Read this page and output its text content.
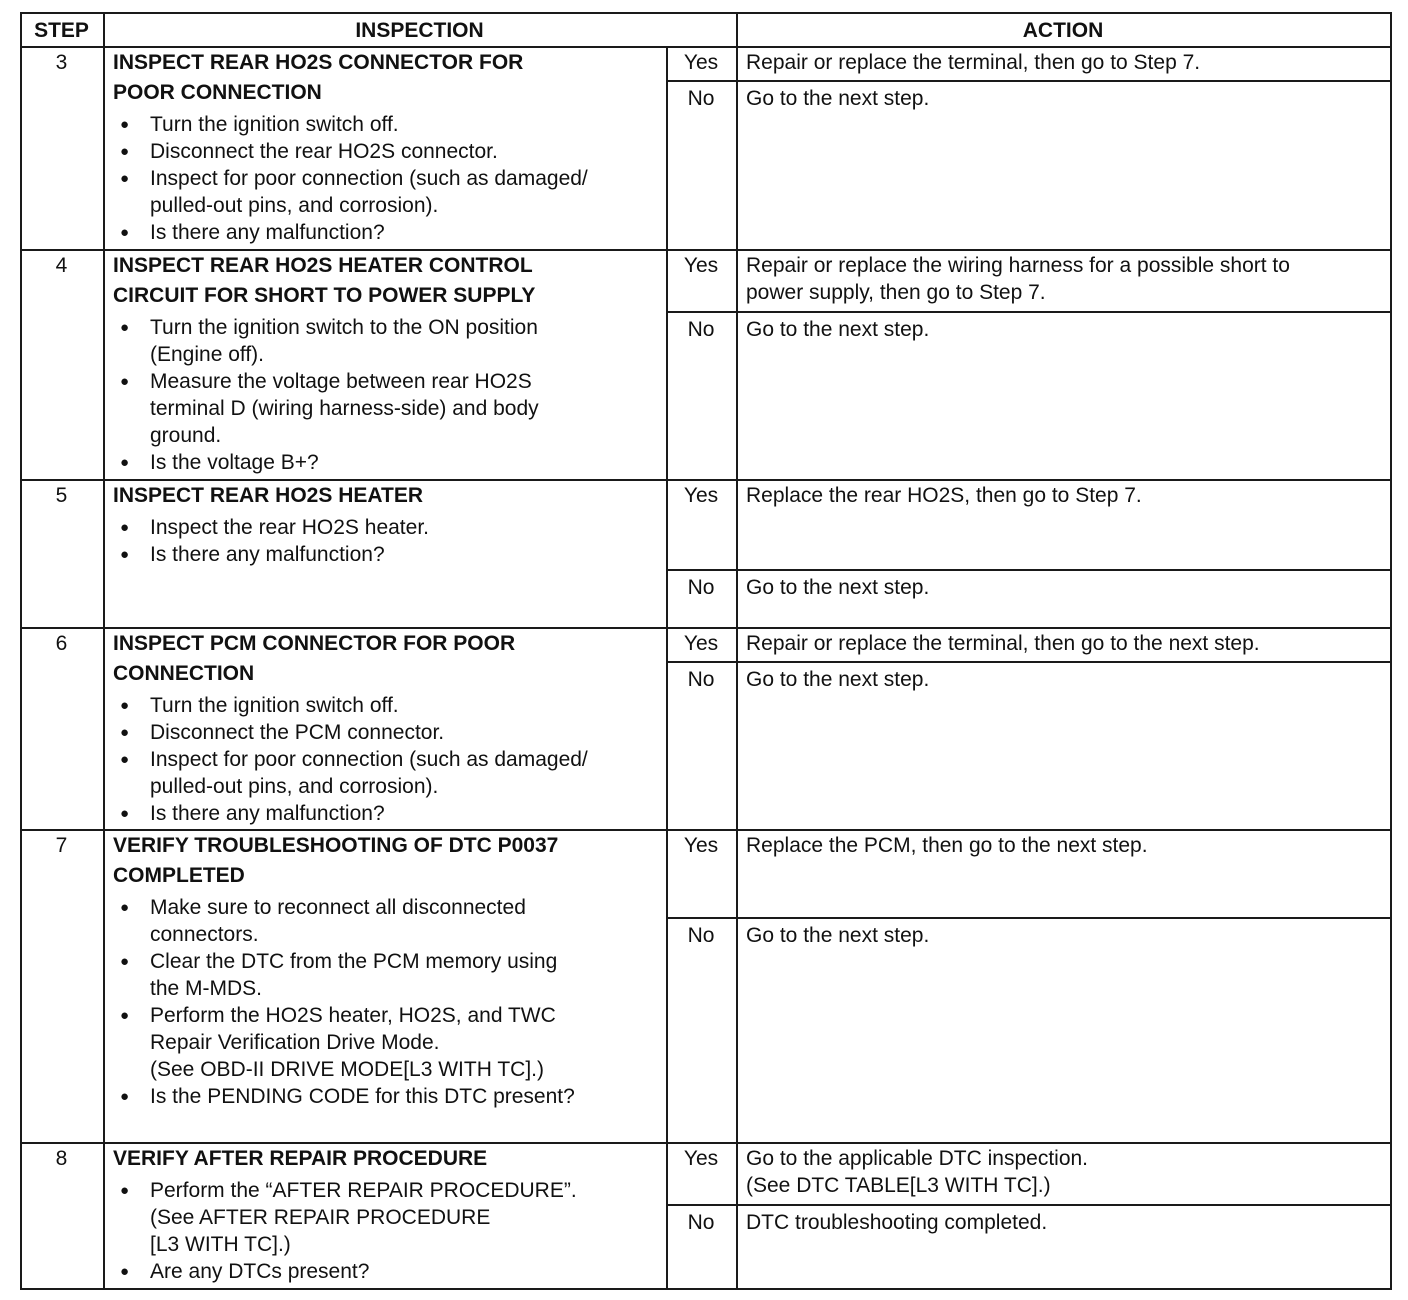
STEP	INSPECTION	ACTION
3	INSPECT REAR HO2S CONNECTOR FOR
POOR CONNECTION
● Turn the ignition switch off.
● Disconnect the rear HO2S connector.
● Inspect for poor connection (such as damaged/
pulled-out pins, and corrosion).
● Is there any malfunction?
Yes	Repair or replace the terminal, then go to Step 7.
No	Go to the next step.
4	INSPECT REAR HO2S HEATER CONTROL
CIRCUIT FOR SHORT TO POWER SUPPLY
● Turn the ignition switch to the ON position
(Engine off).
● Measure the voltage between rear HO2S
terminal D (wiring harness-side) and body
ground.
● Is the voltage B+?
Yes	Repair or replace the wiring harness for a possible short to
power supply, then go to Step 7.
No	Go to the next step.
5	INSPECT REAR HO2S HEATER
● Inspect the rear HO2S heater.
● Is there any malfunction?
Yes	Replace the rear HO2S, then go to Step 7.
No	Go to the next step.
6	INSPECT PCM CONNECTOR FOR POOR
CONNECTION
● Turn the ignition switch off.
● Disconnect the PCM connector.
● Inspect for poor connection (such as damaged/
pulled-out pins, and corrosion).
● Is there any malfunction?
Yes	Repair or replace the terminal, then go to the next step.
No	Go to the next step.
7	VERIFY TROUBLESHOOTING OF DTC P0037
COMPLETED
● Make sure to reconnect all disconnected
connectors.
● Clear the DTC from the PCM memory using
the M-MDS.
● Perform the HO2S heater, HO2S, and TWC
Repair Verification Drive Mode.
(See OBD-II DRIVE MODE[L3 WITH TC].)
● Is the PENDING CODE for this DTC present?
Yes	Replace the PCM, then go to the next step.
No	Go to the next step.
8	VERIFY AFTER REPAIR PROCEDURE
● Perform the “AFTER REPAIR PROCEDURE”.
(See AFTER REPAIR PROCEDURE
[L3 WITH TC].)
● Are any DTCs present?
Yes	Go to the applicable DTC inspection.
(See DTC TABLE[L3 WITH TC].)
No	DTC troubleshooting completed.
